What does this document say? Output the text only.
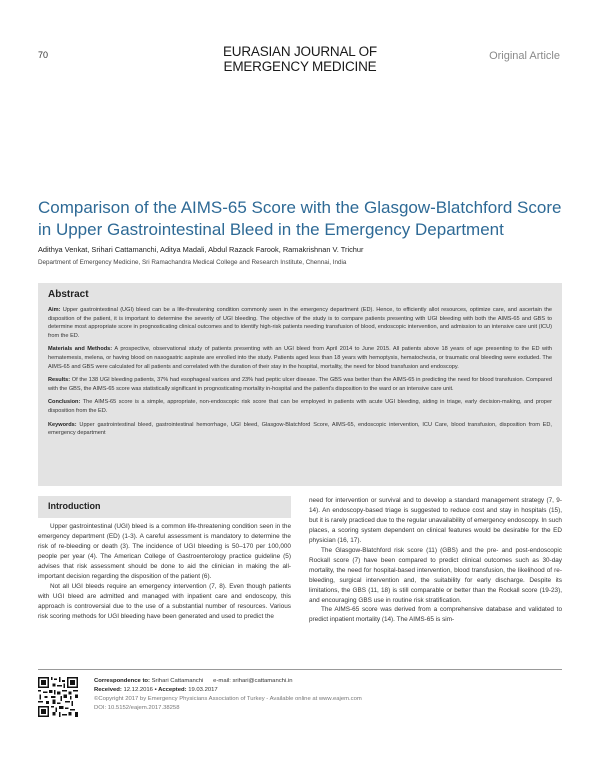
70	EURASIAN JOURNAL OF
EMERGENCY MEDICINE
Original Article
Comparison of the AIMS-65 Score with the Glasgow-Blatchford Score
in Upper Gastrointestinal Bleed in the Emergency Department
Adithya Venkat, Srihari Cattamanchi, Aditya Madali, Abdul Razack Farook, Ramakrishnan V. Trichur
Department of Emergency Medicine, Sri Ramachandra Medical College and Research Institute, Chennai, India
Abstract

Aim: Upper gastrointestinal (UGI) bleed can be a life-threatening condition commonly seen in the emergency department (ED). Hence, to efficiently allot resources, optimize care, and ascertain the disposition of the patient, it is important to determine the severity of UGI bleeding. The objective of the study is to compare patients presenting with UGI bleeding with both the AIMS-65 and GBS to determine most appropriate score in prognosticating clinical outcomes and to identify high-risk patients needing transfusion of blood, endoscopic intervention, and admission to an intensive care unit (ICU) from the ED.

Materials and Methods: A prospective, observational study of patients presenting with an UGI bleed from April 2014 to June 2015. All patients above 18 years of age presenting to the ED with hematemesis, melena, or having blood on nasogastric aspirate are enrolled into the study. Patients aged less than 18 years with hemoptysis, hematochezia, or traumatic oral bleeding were exduded. The AIMS-65 and GBS were calculated for all patients and correlated with the duration of their stay in the hospital, mortality, the need for blood transfusion and endoscopy.

Results: Of the 138 UGI bleeding patients, 37% had esophageal varices and 23% had peptic ulcer disease. The GBS was better than the AIMS-65 in predicting the need for blood transfusion. Compared with the GBS, the AIMS-65 score was statistically significant in prognosticating mortality in-hospital and the patient's disposition to the ward or an intensive care unit.

Conclusion: The AIMS-65 score is a simple, appropriate, non-endoscopic risk score that can be employed in patients with acute UGI bleeding, aiding in triage, early decision-making, and proper disposition from the ED.

Keywords: Upper gastrointestinal bleed, gastrointestinal hemorrhage, UGI bleed, Glasgow-Blatchford Score, AIMS-65, endoscopic intervention, ICU Care, blood transfusion, disposition from ED, emergency department

Introduction

Upper gastrointestinal (UGI) bleed is a common life-threatening condition seen in the emergency department (ED) (1-3). A careful assessment is mandatory to determine the risk of re-bleeding or death (3). The incidence of UGI bleeding is 50–170 per 100,000 people per year (4). The American College of Gastroenterology practice guideline (5) advises that risk assessment should be done to aid the clinician in making the all-important decision regarding the disposition of the patient (6).

Not all UGI bleeds require an emergency intervention (7, 8). Even though patients with UGI bleed are admitted and managed with inpatient care and endoscopy, this approach is controversial due to the use of a substantial number of resources. Various risk scoring methods for UGI bleeding have been generated and used to predict the

need for intervention or survival and to develop a standard management strategy (7, 9-14). An endoscopy-based triage is suggested to reduce cost and stay in hospitals (15), but it is rarely practiced due to the regular unavailability of emergency endoscopy. In such places, a scoring system dependent on clinical features would be desirable for the ED physician (16, 17).

The Glasgow-Blatchford risk score (11) (GBS) and the pre- and post-endoscopic Rockall score (7) have been compared to predict clinical outcomes such as 30-day mortality, the need for hospital-based intervention, blood transfusion, the likelihood of re-bleeding, surgical intervention and, the suitability for early discharge. Despite its limitations, the GBS (11, 18) is still comparable or better than the Rockall score (19-23), and encouraging GBS use in routine risk stratification.

The AIMS-65 score was derived from a comprehensive database and validated to predict inpatient mortality (14). The AIMS-65 is sim-

Correspondence to: Srihari Cattamanchi e-mail: srihari@cattamanchi.in
Received: 12.12.2016 • Accepted: 19.03.2017
©Copyright 2017 by Emergency Physicians Association of Turkey - Available online at www.eajem.com
DOI: 10.5152/eajem.2017.38258
